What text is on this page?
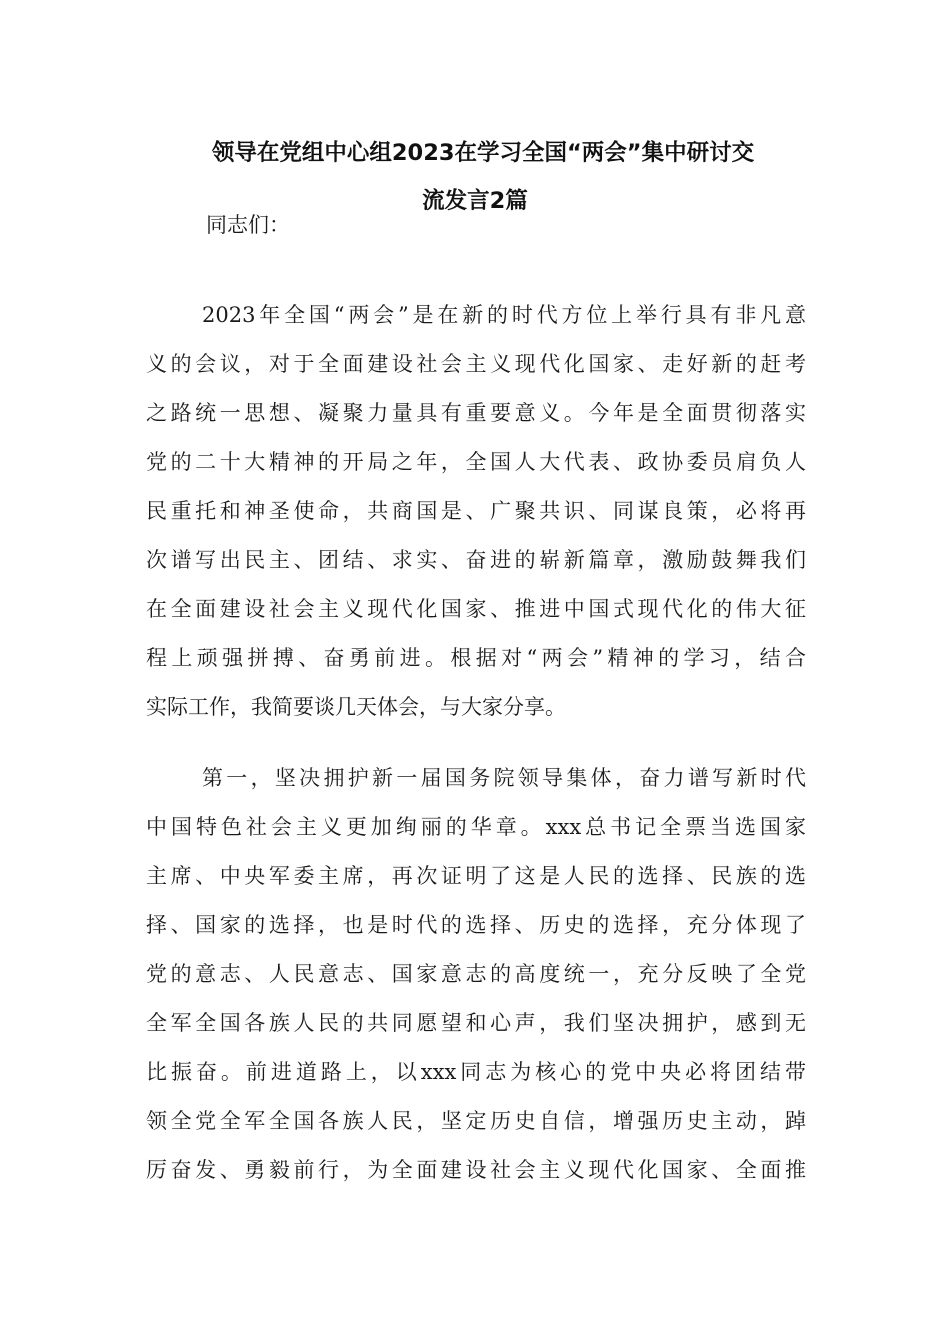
领导在党组中心组2023在学习全国“两会”集中研讨交
流发言2篇
同志们：
2023年全国“两会”是在新的时代方位上举行具有非凡意
义的会议，对于全面建设社会主义现代化国家、走好新的赶考
之路统一思想、凝聚力量具有重要意义。今年是全面贯彻落实
党的二十大精神的开局之年，全国人大代表、政协委员肩负人
民重托和神圣使命，共商国是、广聚共识、同谋良策，必将再
次谱写出民主、团结、求实、奋进的崭新篇章，激励鼓舞我们
在全面建设社会主义现代化国家、推进中国式现代化的伟大征
程上顽强拼搏、奋勇前进。根据对“两会”精神的学习，结合
实际工作，我简要谈几天体会，与大家分享。
第一，坚决拥护新一届国务院领导集体，奋力谱写新时代
中国特色社会主义更加绚丽的华章。xxx总书记全票当选国家
主席、中央军委主席，再次证明了这是人民的选择、民族的选
择、国家的选择，也是时代的选择、历史的选择，充分体现了
党的意志、人民意志、国家意志的高度统一，充分反映了全党
全军全国各族人民的共同愿望和心声，我们坚决拥护，感到无
比振奋。前进道路上，以xxx同志为核心的党中央必将团结带
领全党全军全国各族人民，坚定历史自信，增强历史主动，踔
厉奋发、勇毅前行，为全面建设社会主义现代化国家、全面推
